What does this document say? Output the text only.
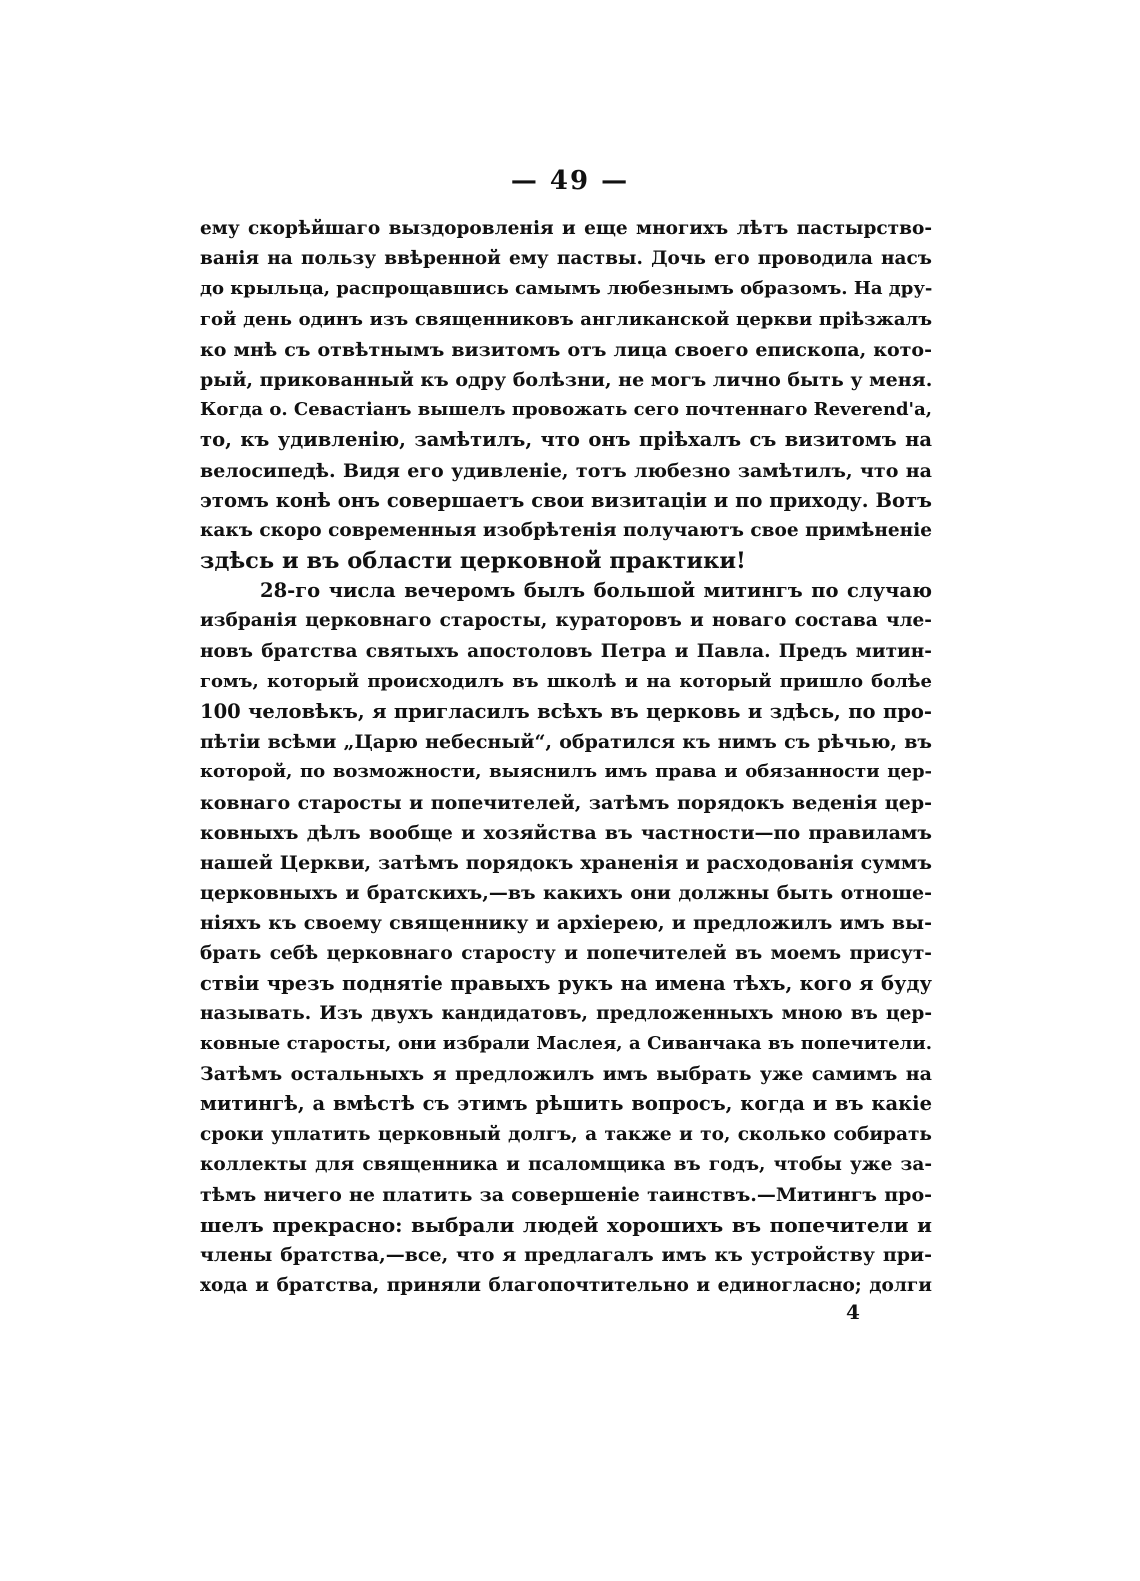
— 49 —
ему скорѣйшаго выздоровленія и еще многихъ лѣтъ пастырство-
ванія на пользу ввѣренной ему паствы. Дочь его проводила насъ
до крыльца, распрощавшись самымъ любезнымъ образомъ. На дру-
гой день одинъ изъ священниковъ англиканской церкви пріѣзжалъ
ко мнѣ съ отвѣтнымъ визитомъ отъ лица своего епископа, кото-
рый, прикованный къ одру болѣзни, не могъ лично быть у меня.
Когда о. Севастіанъ вышелъ провожать сего почтеннаго Reverend'а,
то, къ удивленію, замѣтилъ, что онъ пріѣхалъ съ визитомъ на
велосипедѣ. Видя его удивленіе, тотъ любезно замѣтилъ, что на
этомъ конѣ онъ совершаетъ свои визитаціи и по приходу. Вотъ
какъ скоро современныя изобрѣтенія получаютъ свое примѣненіе
здѣсь и въ области церковной практики!
28-го числа вечеромъ былъ большой митингъ по случаю
избранія церковнаго старосты, кураторовъ и новаго состава чле-
новъ братства святыхъ апостоловъ Петра и Павла. Предъ митин-
гомъ, который происходилъ въ школѣ и на который пришло болѣе
100 человѣкъ, я пригласилъ всѣхъ въ церковь и здѣсь, по про-
пѣтіи всѣми „Царю небесный“, обратился къ нимъ съ рѣчью, въ
которой, по возможности, выяснилъ имъ права и обязанности цер-
ковнаго старосты и попечителей, затѣмъ порядокъ веденія цер-
ковныхъ дѣлъ вообще и хозяйства въ частности—по правиламъ
нашей Церкви, затѣмъ порядокъ храненія и расходованія суммъ
церковныхъ и братскихъ,—въ какихъ они должны быть отноше-
ніяхъ къ своему священнику и архіерею, и предложилъ имъ вы-
брать себѣ церковнаго старосту и попечителей въ моемъ присут-
ствіи чрезъ поднятіе правыхъ рукъ на имена тѣхъ, кого я буду
называть. Изъ двухъ кандидатовъ, предложенныхъ мною въ цер-
ковные старосты, они избрали Маслея, а Сиванчака въ попечители.
Затѣмъ остальныхъ я предложилъ имъ выбрать уже самимъ на
митингѣ, а вмѣстѣ съ этимъ рѣшить вопросъ, когда и въ какіе
сроки уплатить церковный долгъ, а также и то, сколько собирать
коллекты для священника и псаломщика въ годъ, чтобы уже за-
тѣмъ ничего не платить за совершеніе таинствъ.—Митингъ про-
шелъ прекрасно: выбрали людей хорошихъ въ попечители и
члены братства,—все, что я предлагалъ имъ къ устройству при-
хода и братства, приняли благопочтительно и единогласно; долги
4
